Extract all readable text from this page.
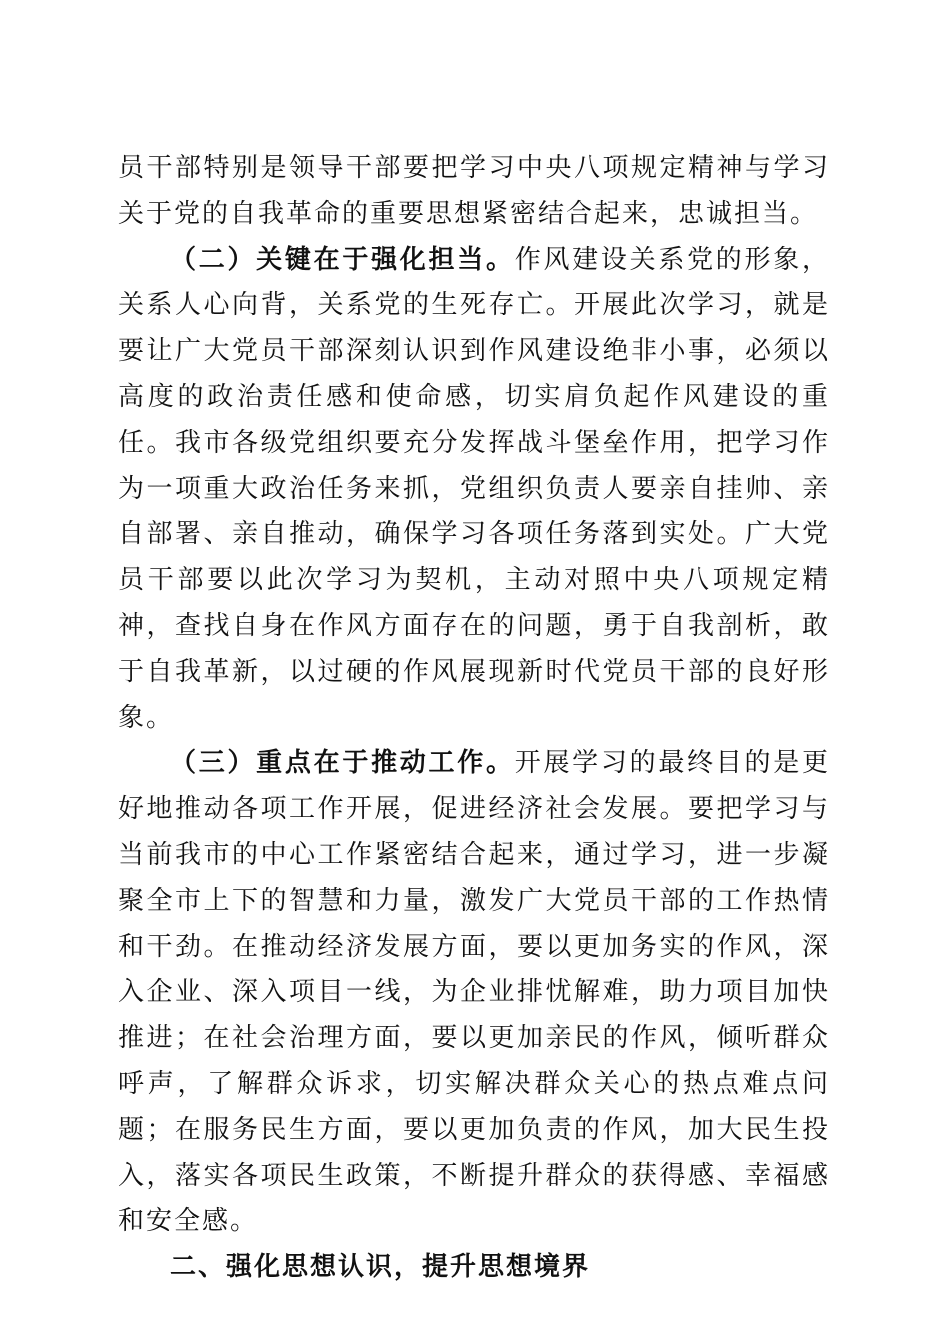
员干部特别是领导干部要把学习中央八项规定精神与学习关于党的自我革命的重要思想紧密结合起来，忠诚担当。

（二）关键在于强化担当。作风建设关系党的形象，关系人心向背，关系党的生死存亡。开展此次学习，就是要让广大党员干部深刻认识到作风建设绝非小事，必须以高度的政治责任感和使命感，切实肩负起作风建设的重任。我市各级党组织要充分发挥战斗堡垒作用，把学习作为一项重大政治任务来抓，党组织负责人要亲自挂帅、亲自部署、亲自推动，确保学习各项任务落到实处。广大党员干部要以此次学习为契机，主动对照中央八项规定精神，查找自身在作风方面存在的问题，勇于自我剖析，敢于自我革新，以过硬的作风展现新时代党员干部的良好形象。

（三）重点在于推动工作。开展学习的最终目的是更好地推动各项工作开展，促进经济社会发展。要把学习与当前我市的中心工作紧密结合起来，通过学习，进一步凝聚全市上下的智慧和力量，激发广大党员干部的工作热情和干劲。在推动经济发展方面，要以更加务实的作风，深入企业、深入项目一线，为企业排忧解难，助力项目加快推进；在社会治理方面，要以更加亲民的作风，倾听群众呼声，了解群众诉求，切实解决群众关心的热点难点问题；在服务民生方面，要以更加负责的作风，加大民生投入，落实各项民生政策，不断提升群众的获得感、幸福感和安全感。

二、强化思想认识，提升思想境界
